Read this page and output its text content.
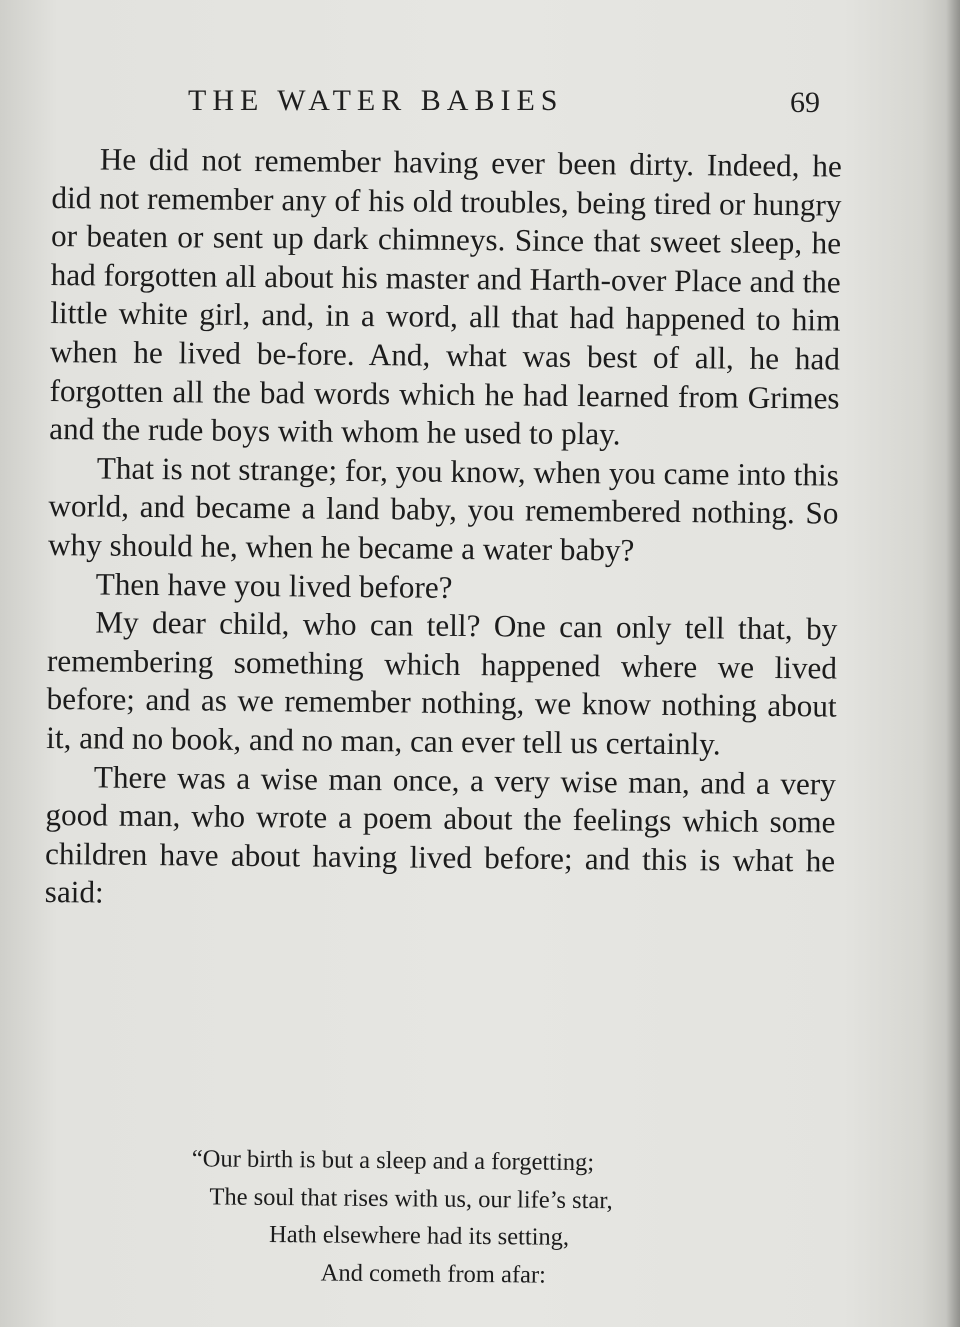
THE WATER BABIES	69

He did not remember having ever been dirty. Indeed, he did not remember any of his old troubles, being tired or hungry or beaten or sent up dark chimneys. Since that sweet sleep, he had forgotten all about his master and Harth-over Place and the little white girl, and, in a word, all that had happened to him when he lived be-fore. And, what was best of all, he had forgotten all the bad words which he had learned from Grimes and the rude boys with whom he used to play.

That is not strange; for, you know, when you came into this world, and became a land baby, you remembered nothing. So why should he, when he became a water baby?

Then have you lived before?

My dear child, who can tell? One can only tell that, by remembering something which happened where we lived before; and as we remember nothing, we know nothing about it, and no book, and no man, can ever tell us certainly.

There was a wise man once, a very wise man, and a very good man, who wrote a poem about the feelings which some children have about having lived before; and this is what he said:

“Our birth is but a sleep and a forgetting;
The soul that rises with us, our life’s star,
Hath elsewhere had its setting,
And cometh from afar:
